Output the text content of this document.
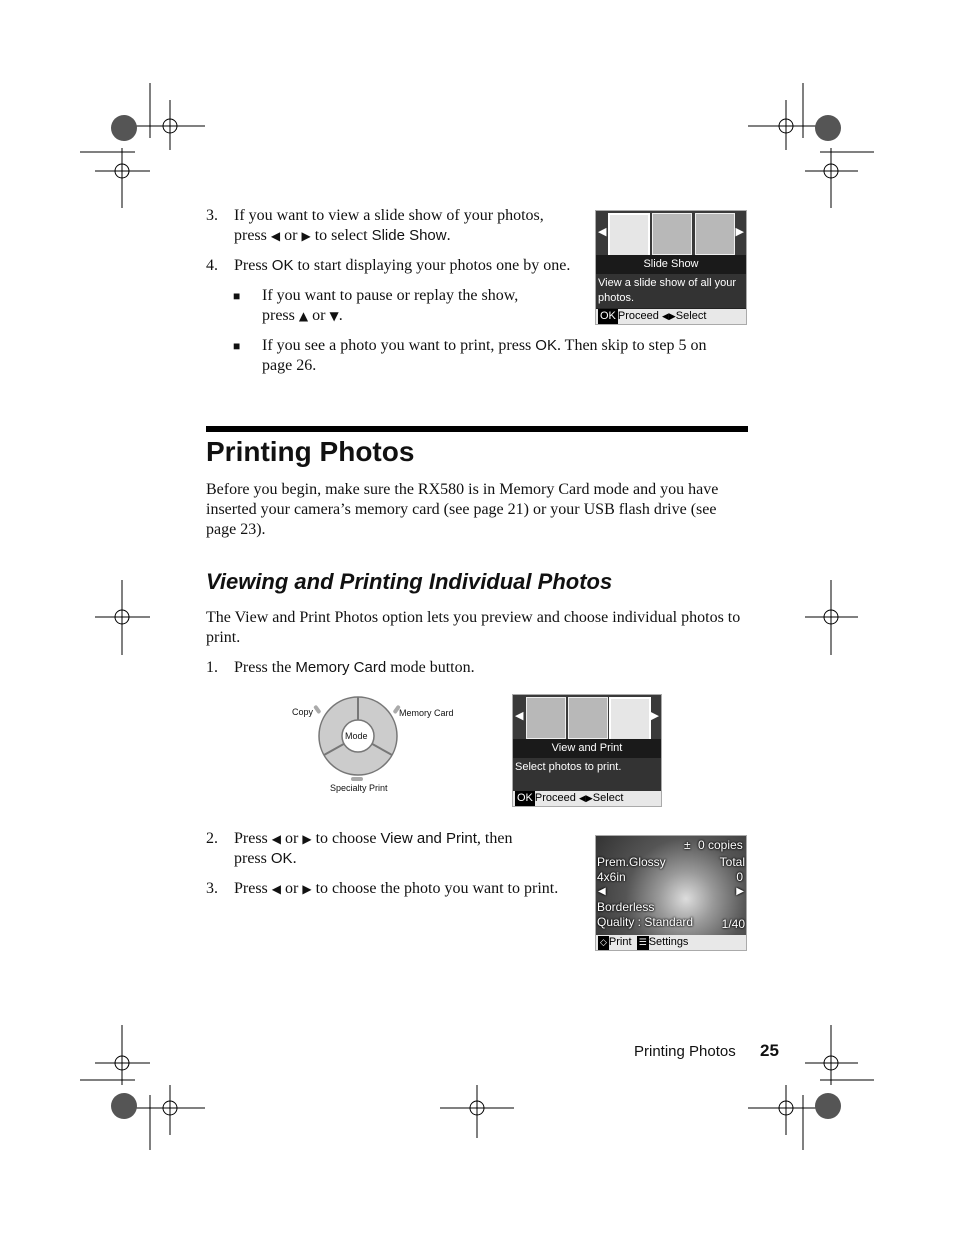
3.	If you want to view a slide show of your photos,
press ◀ or ▶ to select Slide Show.
4.	Press OK to start displaying your photos one by one.
■ If you want to pause or replay the show,
press ▲ or ▼.
■ If you see a photo you want to print, press OK. Then skip to step 5 on
page 26.
◀	▶
Slide Show
View a slide show of all your photos.
OK Proceed ◀▶Select
Printing Photos
Before you begin, make sure the RX580 is in Memory Card mode and you have inserted your camera’s memory card (see page 21) or your USB flash drive (see page 23).
Viewing and Printing Individual Photos
The View and Print Photos option lets you preview and choose individual photos to print.
1.	Press the Memory Card mode button.
Copy	Memory Card
Mode
Specialty Print
◀	▶
View and Print
Select photos to print.
OK Proceed ◀▶Select
2.	Press ◀ or ▶ to choose View and Print, then
press OK.
3.	Press ◀ or ▶ to choose the photo you want to print.
± 0 copies
Prem.Glossy	Total
4x6in	0
◀	▶
Borderless
Quality : Standard 1/40
◇ Print ☰ Settings
Printing Photos 25
